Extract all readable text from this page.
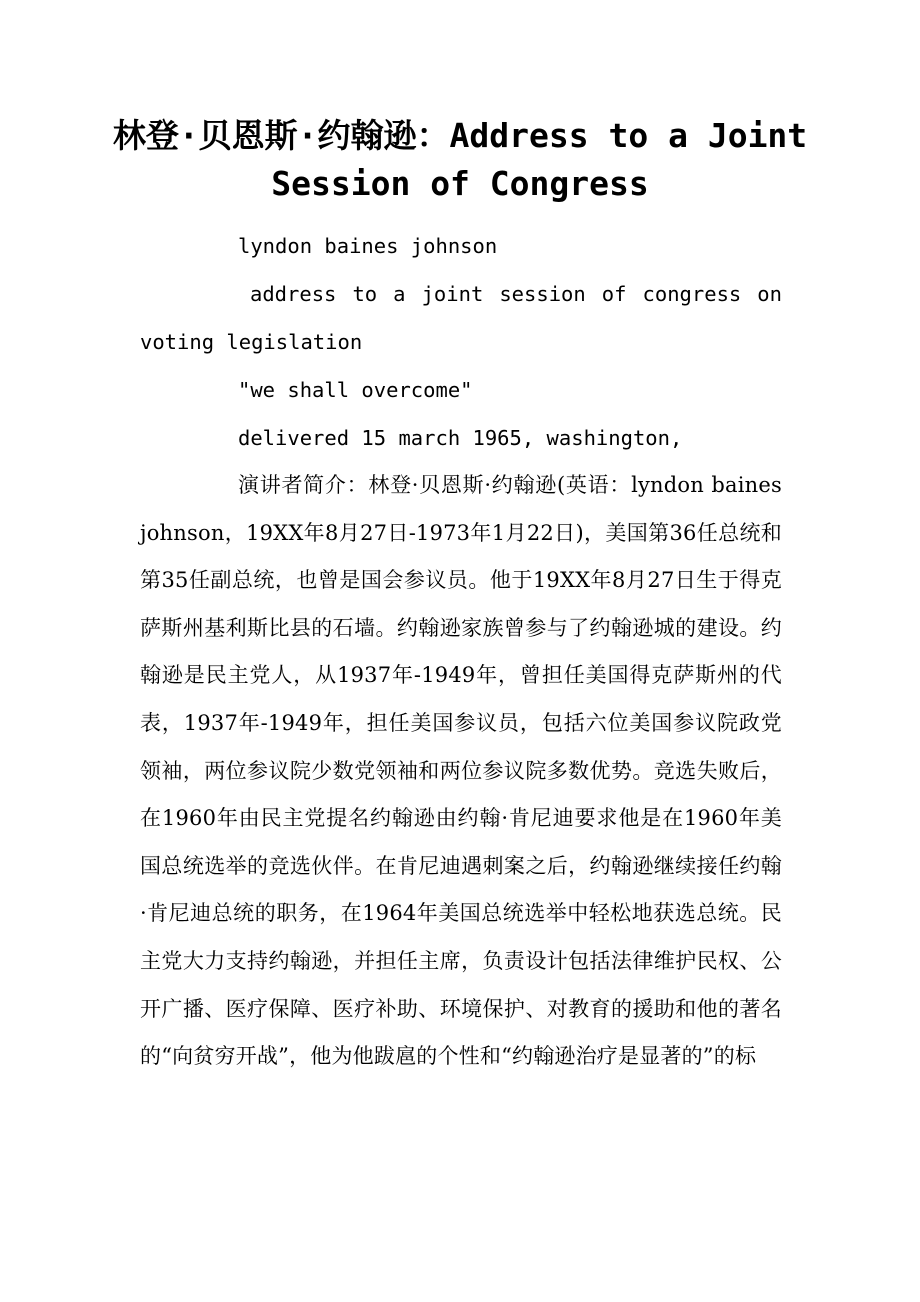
林登·贝恩斯·约翰逊：Address to a Joint Session of Congress

lyndon baines johnson

address to a joint session of congress on voting legislation

"we shall overcome"

delivered 15 march 1965, washington,

演讲者简介：林登·贝恩斯·约翰逊(英语：lyndon baines johnson，19XX年8月27日-1973年1月22日)，美国第36任总统和第35任副总统，也曾是国会参议员。他于19XX年8月27日生于得克萨斯州基利斯比县的石墙。约翰逊家族曾参与了约翰逊城的建设。约翰逊是民主党人，从1937年-1949年，曾担任美国得克萨斯州的代表，1937年-1949年，担任美国参议员，包括六位美国参议院政党领袖，两位参议院少数党领袖和两位参议院多数优势。竞选失败后，在1960年由民主党提名约翰逊由约翰·肯尼迪要求他是在1960年美国总统选举的竞选伙伴。在肯尼迪遇刺案之后，约翰逊继续接任约翰·肯尼迪总统的职务，在1964年美国总统选举中轻松地获选总统。民主党大力支持约翰逊，并担任主席，负责设计包括法律维护民权、公开广播、医疗保障、医疗补助、环境保护、对教育的援助和他的著名的“向贫穷开战”，他为他跋扈的个性和“约翰逊治疗是显著的”的标
